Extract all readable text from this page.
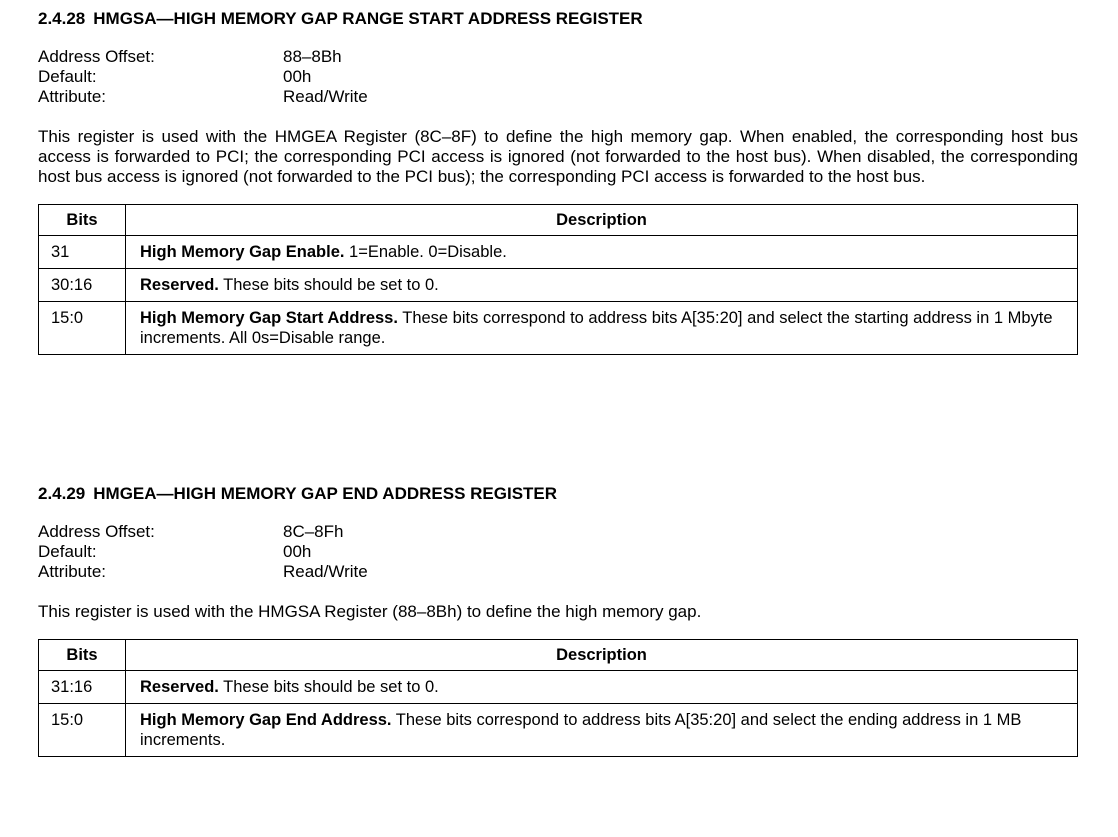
2.4.28 HMGSA—HIGH MEMORY GAP RANGE START ADDRESS REGISTER
Address Offset:	88–8Bh
Default:	00h
Attribute:	Read/Write

This register is used with the HMGEA Register (8C–8F) to define the high memory gap. When enabled, the corresponding host bus access is forwarded to PCI; the corresponding PCI access is ignored (not forwarded to the host bus). When disabled, the corresponding host bus access is ignored (not forwarded to the PCI bus); the corresponding PCI access is forwarded to the host bus.

Bits	Description
31	High Memory Gap Enable. 1=Enable. 0=Disable.
30:16	Reserved. These bits should be set to 0.
15:0	High Memory Gap Start Address. These bits correspond to address bits A[35:20] and select the starting address in 1 Mbyte increments. All 0s=Disable range.
2.4.29 HMGEA—HIGH MEMORY GAP END ADDRESS REGISTER
Address Offset:	8C–8Fh
Default:	00h
Attribute:	Read/Write

This register is used with the HMGSA Register (88–8Bh) to define the high memory gap.

Bits	Description
31:16	Reserved. These bits should be set to 0.
15:0	High Memory Gap End Address. These bits correspond to address bits A[35:20] and select the ending address in 1 MB increments.
